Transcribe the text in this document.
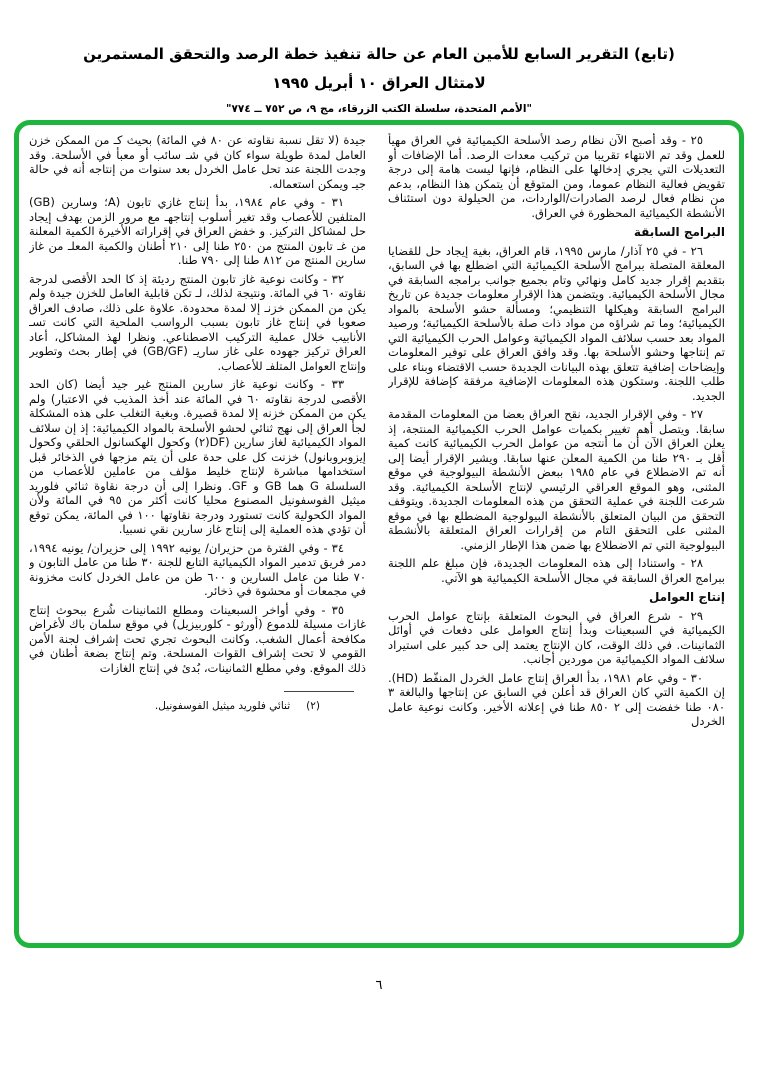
(تابع) التقرير السابع للأمين العام عن حالة تنفيذ خطة الرصد والتحقق المستمرين
لامتثال العراق ١٠ أبريل ١٩٩٥
"الأمم المتحدة، سلسلة الكتب الزرقاء، مج ٩، ص ٧٥٢ ــ ٧٧٤"
٢٥ - وقد أصبح الآن نظام رصد الأسلحة الكيميائية في العراق مهيأ للعمل وقد تم الانتهاء تقريبا من تركيب معدات الرصد. أما الإضافات أو التعديلات التي يجري إدخالها على النظام، فإنها ليست هامة إلى درجة تقويض فعالية النظام عموما، ومن المتوقع أن يتمكن هذا النظام، بدعم من نظام فعال لرصد الصادرات/الواردات، من الحيلولة دون استئناف الأنشطة الكيميائية المحظورة في العراق.
البرامج السابقة
٢٦ - في ٢٥ آذار/ مارس ١٩٩٥، قام العراق، بغية إيجاد حل للقضايا المعلقة المتصلة ببرامج الأسلحة الكيميائية التي اضطلع بها في السابق، بتقديم إقرار جديد كامل ونهائي وتام بجميع جوانب برامجه السابقة في مجال الأسلحة الكيميائية. ويتضمن هذا الإقرار معلومات جديدة عن تاريخ البرامج السابقة وهيكلها التنظيمي؛ ومسألة حشو الأسلحة بالمواد الكيميائية؛ وما تم شراؤه من مواد ذات صلة بالأسلحة الكيميائية؛ ورصيد المواد بعد حسب سلائف المواد الكيميائية وعوامل الحرب الكيميائية التي تم إنتاجها وحشو الأسلحة بها. وقد وافق العراق على توفير المعلومات وإيضاحات إضافية تتعلق بهذه البيانات الجديدة حسب الاقتضاء وبناء على طلب اللجنة. وستكون هذه المعلومات الإضافية مرفقة كإضافة للإقرار الجديد.
٢٧ - وفي الإقرار الجديد، نقح العراق بعضا من المعلومات المقدمة سابقا. ويتصل أهم تغيير بكميات عوامل الحرب الكيميائية المنتجة، إذ يعلن العراق الآن أن ما أنتجه من عوامل الحرب الكيميائية كانت كمية أقل بـ ٢٩٠ طنا من الكمية المعلن عنها سابقا. ويشير الإقرار أيضا إلى أنه تم الاضطلاع في عام ١٩٨٥ ببعض الأنشطة البيولوجية في موقع المثنى، وهو الموقع العراقي الرئيسي لإنتاج الأسلحة الكيميائية. وقد شرعت اللجنة في عملية التحقق من هذه المعلومات الجديدة. ويتوقف التحقق من البيان المتعلق بالأنشطة البيولوجية المضطلع بها في موقع المثنى على التحقق التام من إقرارات العراق المتعلقة بالأنشطة البيولوجية التي تم الاضطلاع بها ضمن هذا الإطار الزمني.
٢٨ - واستنادا إلى هذه المعلومات الجديدة، فإن مبلغ علم اللجنة ببرامج العراق السابقة في مجال الأسلحة الكيميائية هو الآتي.
إنتاج العوامل
٢٩ - شرع العراق في البحوث المتعلقة بإنتاج عوامل الحرب الكيميائية في السبعينات وبدأ إنتاج العوامل على دفعات في أوائل الثمانينات. في ذلك الوقت، كان الإنتاج يعتمد إلى حد كبير على استيراد سلائف المواد الكيميائية من موردين أجانب.
٣٠ - وفي عام ١٩٨١، بدأ العراق إنتاج عامل الخردل المنفّط (HD). إن الكمية التي كان العراق قد أعلن في السابق عن إنتاجها والبالغة ٣ ٠٨٠ طنا خفضت إلى ٢ ٨٥٠ طنا في إعلانه الأخير. وكانت نوعية عامل الخردل
جيدة (لا تقل نسبة نقاوته عن ٨٠ في المائة) بحيث كـ من الممكن خزن العامل لمدة طويلة سواء كان في شـ سائب أو معبأ في الأسلحة. وقد وجدت اللجنة عند تحل عامل الخردل بعد سنوات من إنتاجه أنه في حالة جيـ ويمكن استعماله.
٣١ - وفي عام ١٩٨٤، بدأ إنتاج غازي تابون (A؛ وسارين (GB) المتلفين للأعصاب وقد تغير أسلوب إنتاجهـ مع مرور الزمن بهدف إيجاد حل لمشاكل التركيز. و خفض العراق في إقراراته الأخيرة الكمية المعلنة من غـ تابون المنتج من ٢٥٠ طنا إلى ٢١٠ أطنان والكمية المعلـ من غاز سارين المنتج من ٨١٢ طنا إلى ٧٩٠ طنا.
٣٢ - وكانت نوعية غاز تابون المنتج رديئة إذ كا الحد الأقصى لدرجة نقاوته ٦٠ في المائة. ونتيجة لذلك، لـ تكن قابلية العامل للخزن جيدة ولم يكن من الممكن خزنـ إلا لمدة محدودة. علاوة على ذلك، صادف العراق صعوبا في إنتاج غاز تابون بسبب الرواسب الملحية التي كانت تسـ الأنابيب خلال عملية التركيب الاصطناعي. ونظرا لهذ المشاكل، أعاد العراق تركيز جهوده على غاز ساريـ (GB/GF) في إطار بحث وتطوير وإنتاج العوامل المتلفـ للأعصاب.
٣٣ - وكانت نوعية غاز سارين المنتج غير جيد أيضا (كان الحد الأقصى لدرجة نقاوته ٦٠ في المائة عند أخذ المذيب في الاعتبار) ولم يكن من الممكن خزنه إلا لمدة قصيرة. وبغية التغلب على هذه المشكلة لجأ العراق إلى نهج ثنائي لحشو الأسلحة بالمواد الكيميائية: إذ إن سلائف المواد الكيميائية لغاز سارين (DF(٢) وكحول الهكسانول الحلقي وكحول إيزوبروبانول) خزنت كل على حدة على أن يتم مزجها في الذخائر قبل استخدامها مباشرة لإنتاج خليط مؤلف من عاملين للأعصاب من السلسلة G هما GB و GF. ونظرا إلى أن درجة نقاوة ثنائي فلوريد ميثيل الفوسفونيل المصنوع محليا كانت أكثر من ٩٥ في المائة ولأن المواد الكحولية كانت تستورد ودرجة نقاوتها ١٠٠ في المائة، يمكن توقع أن تؤدي هذه العملية إلى إنتاج غاز سارين نقي نسبيا.
٣٤ - وفي الفترة من حزيران/ يونيه ١٩٩٢ إلى حزيران/ يونيه ١٩٩٤، دمر فريق تدمير المواد الكيميائية التابع للجنة ٣٠ طنا من عامل التابون و ٧٠ طنا من عامل السارين و ٦٠٠ طن من عامل الخردل كانت مخزونة في مجمعات أو محشوة في ذخائر.
٣٥ - وفي أواخر السبعينات ومطلع الثمانينات شُرع ببحوث إنتاج غازات مسيلة للدموع (أورثو - كلوربيزيل) في موقع سلمان باك لأغراض مكافحة أعمال الشغب. وكانت البحوث تجري تحت إشراف لجنة الأمن القومي لا تحت إشراف القوات المسلحة. وتم إنتاج بضعة أطنان في ذلك الموقع. وفي مطلع الثمانينات، بُدئ في إنتاج الغازات
(٢)
ثنائي فلوريد ميثيل الفوسفونيل.
٦
